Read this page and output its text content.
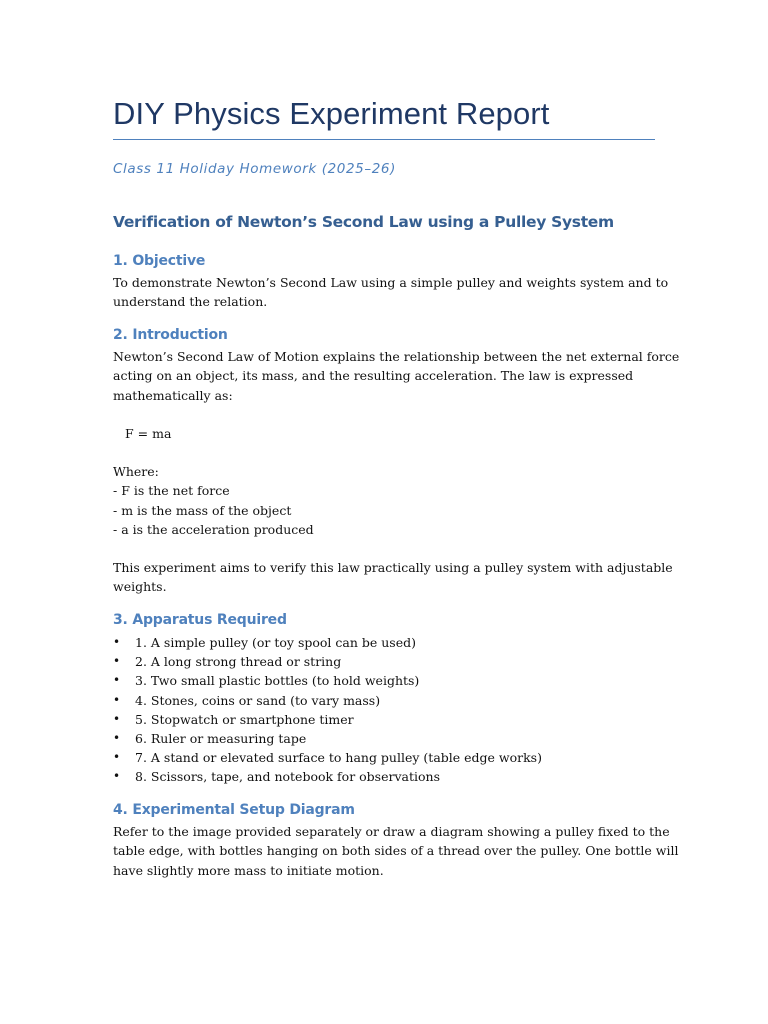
DIY Physics Experiment Report
Class 11 Holiday Homework (2025–26)
Verification of Newton’s Second Law using a Pulley System
1. Objective
To demonstrate Newton’s Second Law using a simple pulley and weights system and to
understand the relation.
2. Introduction
Newton’s Second Law of Motion explains the relationship between the net external force
acting on an object, its mass, and the resulting acceleration. The law is expressed
mathematically as:
F = ma
Where:
- F is the net force
- m is the mass of the object
- a is the acceleration produced
This experiment aims to verify this law practically using a pulley system with adjustable
weights.
3. Apparatus Required
• 1. A simple pulley (or toy spool can be used)
• 2. A long strong thread or string
• 3. Two small plastic bottles (to hold weights)
• 4. Stones, coins or sand (to vary mass)
• 5. Stopwatch or smartphone timer
• 6. Ruler or measuring tape
• 7. A stand or elevated surface to hang pulley (table edge works)
• 8. Scissors, tape, and notebook for observations
4. Experimental Setup Diagram
Refer to the image provided separately or draw a diagram showing a pulley fixed to the
table edge, with bottles hanging on both sides of a thread over the pulley. One bottle will
have slightly more mass to initiate motion.
